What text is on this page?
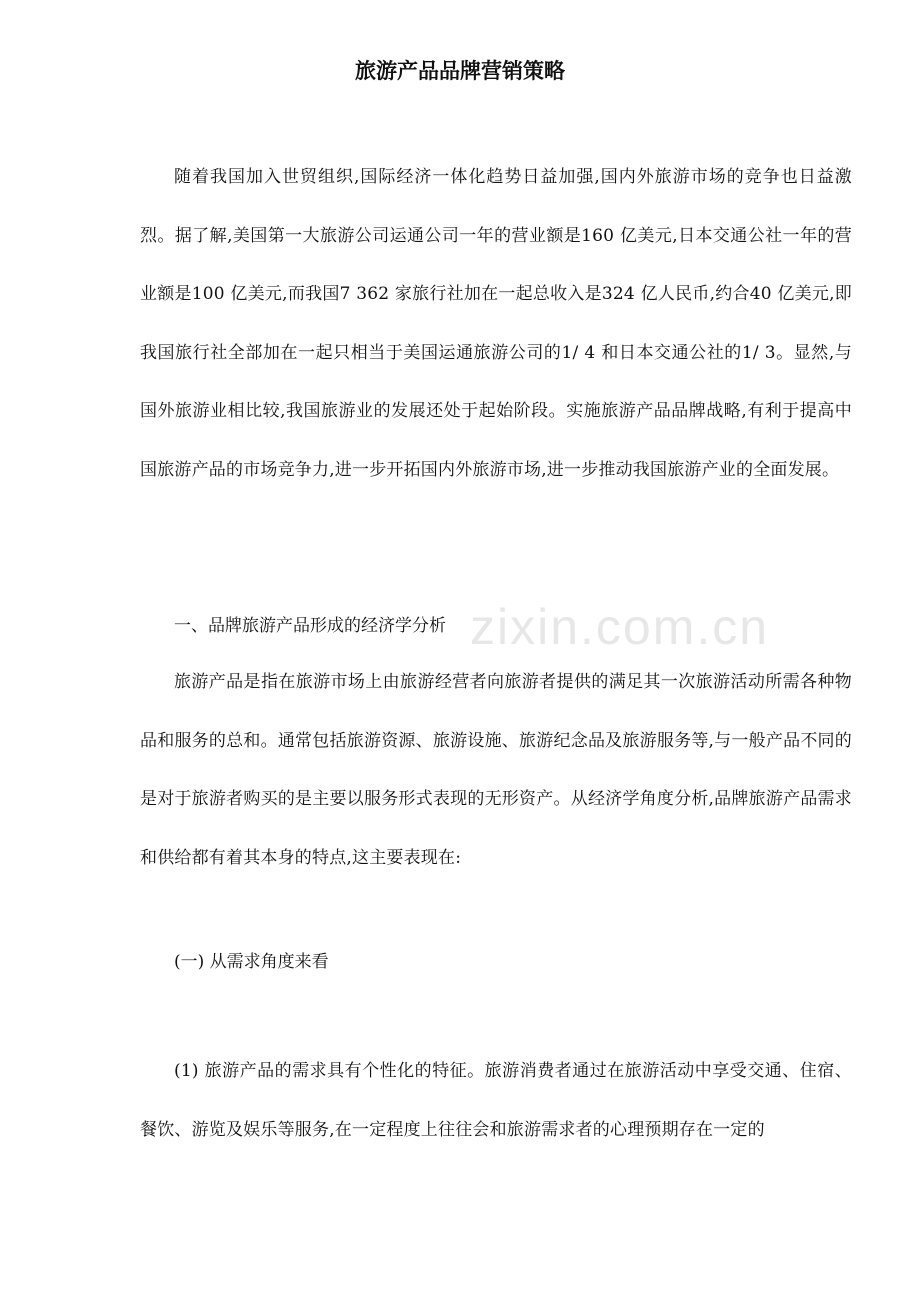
旅游产品品牌营销策略

随着我国加入世贸组织,国际经济一体化趋势日益加强,国内外旅游市场的竞争也日益激烈。据了解,美国第一大旅游公司运通公司一年的营业额是160 亿美元,日本交通公社一年的营业额是100 亿美元,而我国7 362 家旅行社加在一起总收入是324 亿人民币,约合40 亿美元,即我国旅行社全部加在一起只相当于美国运通旅游公司的1/ 4 和日本交通公社的1/ 3。显然,与国外旅游业相比较,我国旅游业的发展还处于起始阶段。实施旅游产品品牌战略,有利于提高中国旅游产品的市场竞争力,进一步开拓国内外旅游市场,进一步推动我国旅游产业的全面发展。

一、品牌旅游产品形成的经济学分析

旅游产品是指在旅游市场上由旅游经营者向旅游者提供的满足其一次旅游活动所需各种物品和服务的总和。通常包括旅游资源、旅游设施、旅游纪念品及旅游服务等,与一般产品不同的是对于旅游者购买的是主要以服务形式表现的无形资产。从经济学角度分析,品牌旅游产品需求和供给都有着其本身的特点,这主要表现在:

(一) 从需求角度来看

(1) 旅游产品的需求具有个性化的特征。旅游消费者通过在旅游活动中享受交通、住宿、餐饮、游览及娱乐等服务,在一定程度上往往会和旅游需求者的心理预期存在一定的

zixin.com.cn
